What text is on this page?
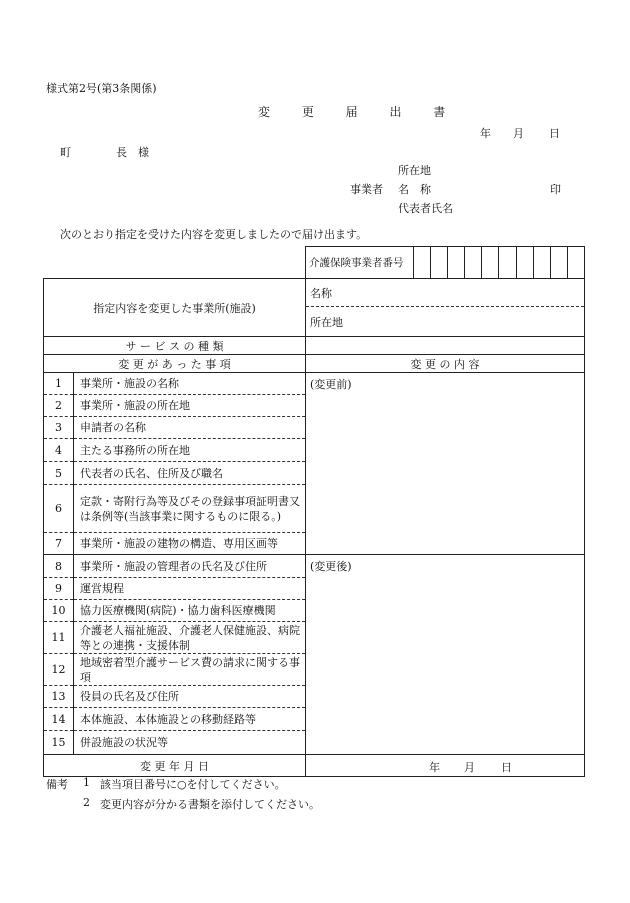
様式第2号(第3条関係)
変 更 届 出 書
年 月 日
町	長　様
所在地
事業者 名　称	印
代表者氏名
次のとおり指定を受けた内容を変更しましたので届け出ます。

		介護保険事業者番号

指定内容を変更した事業所(施設)		名称
		所在地
サ ー ビ ス の 種 類		
変 更 が あ っ た 事 項		変 更 の 内 容
1	事業所・施設の名称	(変更前)
2	事業所・施設の所在地	
3	申請者の名称	
4	主たる事務所の所在地	
5	代表者の氏名、住所及び職名	
6	定款・寄附行為等及びその登録事項証明書又は条例等(当該事業に関するものに限る。)	
7	事業所・施設の建物の構造、専用区画等	
8	事業所・施設の管理者の氏名及び住所	(変更後)
9	運営規程	
10	協力医療機関(病院)・協力歯科医療機関	
11	介護老人福祉施設、介護老人保健施設、病院等との連携・支援体制	
12	地域密着型介護サービス費の請求に関する事項	
13	役員の氏名及び住所	
14	本体施設、本体施設との移動経路等	
15	併設施設の状況等	
変 更 年 月 日		年 月 日
備考 1 該当項目番号に○を付してください。
2 変更内容が分かる書類を添付してください。
